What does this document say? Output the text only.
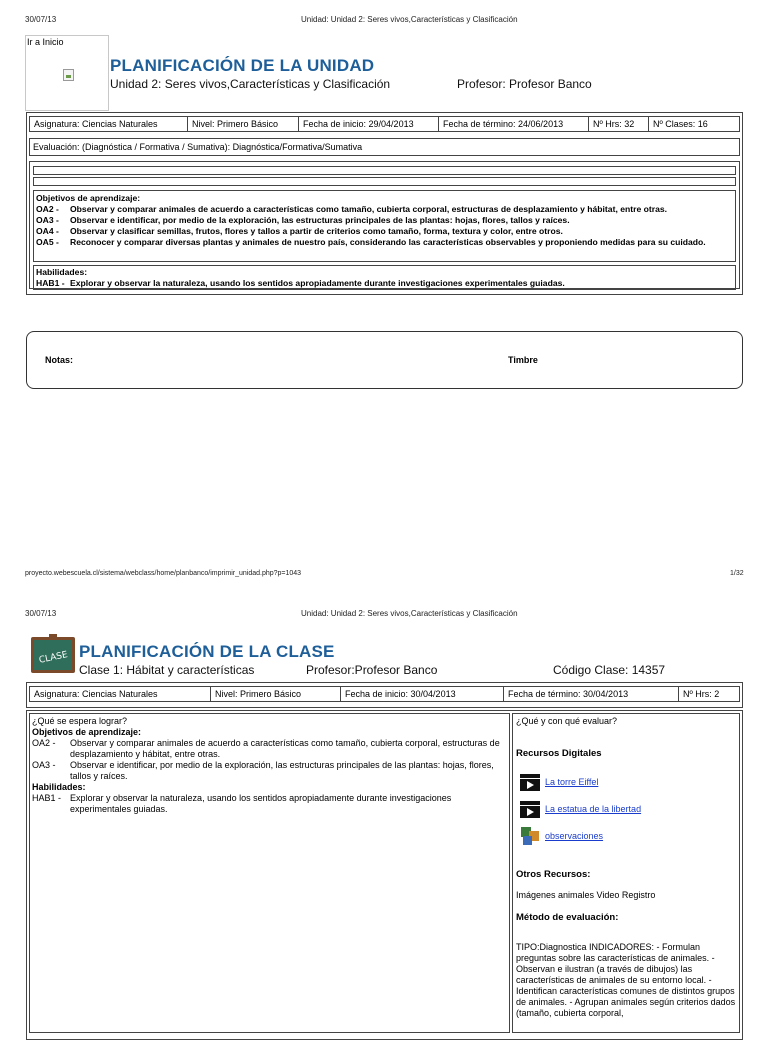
30/07/13	Unidad: Unidad 2: Seres vivos,Características y Clasificación
Ir a Inicio
PLANIFICACIÓN DE LA UNIDAD
Unidad 2: Seres vivos,Características y Clasificación	Profesor: Profesor Banco
Asignatura: Ciencias Naturales	Nivel: Primero Básico	Fecha de inicio: 29/04/2013	Fecha de término: 24/06/2013	Nº Hrs: 32	Nº Clases: 16
Evaluación: (Diagnóstica / Formativa / Sumativa): Diagnóstica/Formativa/Sumativa
Objetivos de aprendizaje:
OA2 -	Observar y comparar animales de acuerdo a características como tamaño, cubierta corporal, estructuras de desplazamiento y hábitat, entre otras.
OA3 -	Observar e identificar, por medio de la exploración, las estructuras principales de las plantas: hojas, flores, tallos y raíces.
OA4 -	Observar y clasificar semillas, frutos, flores y tallos a partir de criterios como tamaño, forma, textura y color, entre otros.
OA5 -	Reconocer y comparar diversas plantas y animales de nuestro país, considerando las características observables y proponiendo medidas para su cuidado.
Habilidades:
HAB1 - Explorar y observar la naturaleza, usando los sentidos apropiadamente durante investigaciones experimentales guiadas.
Notas:	Timbre
proyecto.webescuela.cl/sistema/webclass/home/planbanco/imprimir_unidad.php?p=1043	1/32
30/07/13	Unidad: Unidad 2: Seres vivos,Características y Clasificación
CLASE PLANIFICACIÓN DE LA CLASE
Clase 1: Hábitat y características	Profesor:Profesor Banco	Código Clase: 14357
Asignatura: Ciencias Naturales	Nivel: Primero Básico	Fecha de inicio: 30/04/2013	Fecha de término: 30/04/2013	Nº Hrs: 2
¿Qué se espera lograr?
Objetivos de aprendizaje:
OA2 -	Observar y comparar animales de acuerdo a características como tamaño, cubierta corporal, estructuras de desplazamiento y hábitat, entre otras.
OA3 -	Observar e identificar, por medio de la exploración, las estructuras principales de las plantas: hojas, flores, tallos y raíces.
Habilidades:
HAB1 - Explorar y observar la naturaleza, usando los sentidos apropiadamente durante investigaciones experimentales guiadas.
¿Qué y con qué evaluar?
Recursos Digitales
La torre Eiffel
La estatua de la libertad
observaciones
Otros Recursos:
Imágenes animales Video Registro
Método de evaluación:
TIPO:Diagnostica INDICADORES: - Formulan preguntas sobre las características de animales. - Observan e ilustran (a través de dibujos) las características de animales de su entorno local. - Identifican características comunes de distintos grupos de animales. - Agrupan animales según criterios dados (tamaño, cubierta corporal,
